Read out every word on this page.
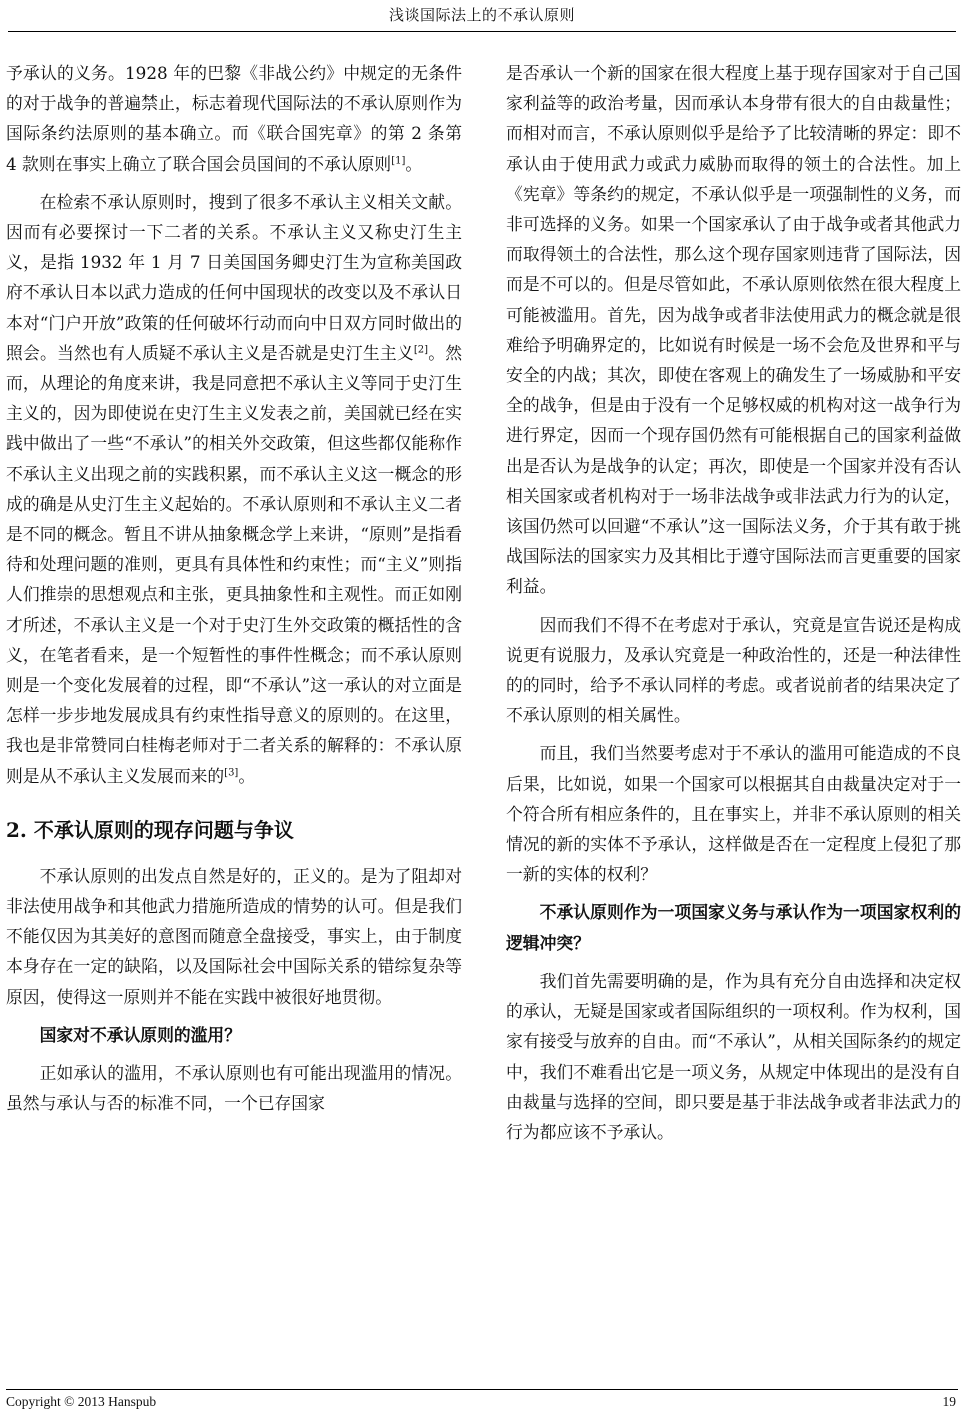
浅谈国际法上的不承认原则

予承认的义务。1928 年的巴黎《非战公约》中规定的无条件的对于战争的普遍禁止，标志着现代国际法的不承认原则作为国际条约法原则的基本确立。而《联合国宪章》的第 2 条第 4 款则在事实上确立了联合国会员国间的不承认原则[1]。

在检索不承认原则时，搜到了很多不承认主义相关文献。因而有必要探讨一下二者的关系。不承认主义又称史汀生主义，是指 1932 年 1 月 7 日美国国务卿史汀生为宣称美国政府不承认日本以武力造成的任何中国现状的改变以及不承认日本对“门户开放”政策的任何破坏行动而向中日双方同时做出的照会。当然也有人质疑不承认主义是否就是史汀生主义[2]。然而，从理论的角度来讲，我是同意把不承认主义等同于史汀生主义的，因为即使说在史汀生主义发表之前，美国就已经在实践中做出了一些“不承认”的相关外交政策，但这些都仅能称作不承认主义出现之前的实践积累，而不承认主义这一概念的形成的确是从史汀生主义起始的。不承认原则和不承认主义二者是不同的概念。暂且不讲从抽象概念学上来讲，“原则”是指看待和处理问题的准则，更具有具体性和约束性；而“主义”则指人们推崇的思想观点和主张，更具抽象性和主观性。而正如刚才所述，不承认主义是一个对于史汀生外交政策的概括性的含义，在笔者看来，是一个短暂性的事件性概念；而不承认原则则是一个变化发展着的过程，即“不承认”这一承认的对立面是怎样一步步地发展成具有约束性指导意义的原则的。在这里，我也是非常赞同白桂梅老师对于二者关系的解释的：不承认原则是从不承认主义发展而来的[3]。

2. 不承认原则的现存问题与争议

不承认原则的出发点自然是好的，正义的。是为了阻却对非法使用战争和其他武力措施所造成的情势的认可。但是我们不能仅因为其美好的意图而随意全盘接受，事实上，由于制度本身存在一定的缺陷，以及国际社会中国际关系的错综复杂等原因，使得这一原则并不能在实践中被很好地贯彻。

国家对不承认原则的滥用？

正如承认的滥用，不承认原则也有可能出现滥用的情况。虽然与承认与否的标准不同，一个已存国家

是否承认一个新的国家在很大程度上基于现存国家对于自己国家利益等的政治考量，因而承认本身带有很大的自由裁量性；而相对而言，不承认原则似乎是给予了比较清晰的界定：即不承认由于使用武力或武力威胁而取得的领土的合法性。加上《宪章》等条约的规定，不承认似乎是一项强制性的义务，而非可选择的义务。如果一个国家承认了由于战争或者其他武力而取得领土的合法性，那么这个现存国家则违背了国际法，因而是不可以的。但是尽管如此，不承认原则依然在很大程度上可能被滥用。首先，因为战争或者非法使用武力的概念就是很难给予明确界定的，比如说有时候是一场不会危及世界和平与安全的内战；其次，即使在客观上的确发生了一场威胁和平安全的战争，但是由于没有一个足够权威的机构对这一战争行为进行界定，因而一个现存国仍然有可能根据自己的国家利益做出是否认为是战争的认定；再次，即使是一个国家并没有否认相关国家或者机构对于一场非法战争或非法武力行为的认定，该国仍然可以回避“不承认”这一国际法义务，介于其有敢于挑战国际法的国家实力及其相比于遵守国际法而言更重要的国家利益。

因而我们不得不在考虑对于承认，究竟是宣告说还是构成说更有说服力，及承认究竟是一种政治性的，还是一种法律性的的同时，给予不承认同样的考虑。或者说前者的结果决定了不承认原则的相关属性。

而且，我们当然要考虑对于不承认的滥用可能造成的不良后果，比如说，如果一个国家可以根据其自由裁量决定对于一个符合所有相应条件的，且在事实上，并非不承认原则的相关情况的新的实体不予承认，这样做是否在一定程度上侵犯了那一新的实体的权利？

不承认原则作为一项国家义务与承认作为一项国家权利的逻辑冲突？

我们首先需要明确的是，作为具有充分自由选择和决定权的承认，无疑是国家或者国际组织的一项权利。作为权利，国家有接受与放弃的自由。而“不承认”，从相关国际条约的规定中，我们不难看出它是一项义务，从规定中体现出的是没有自由裁量与选择的空间，即只要是基于非法战争或者非法武力的行为都应该不予承认。

Copyright © 2013 Hanspub	19
